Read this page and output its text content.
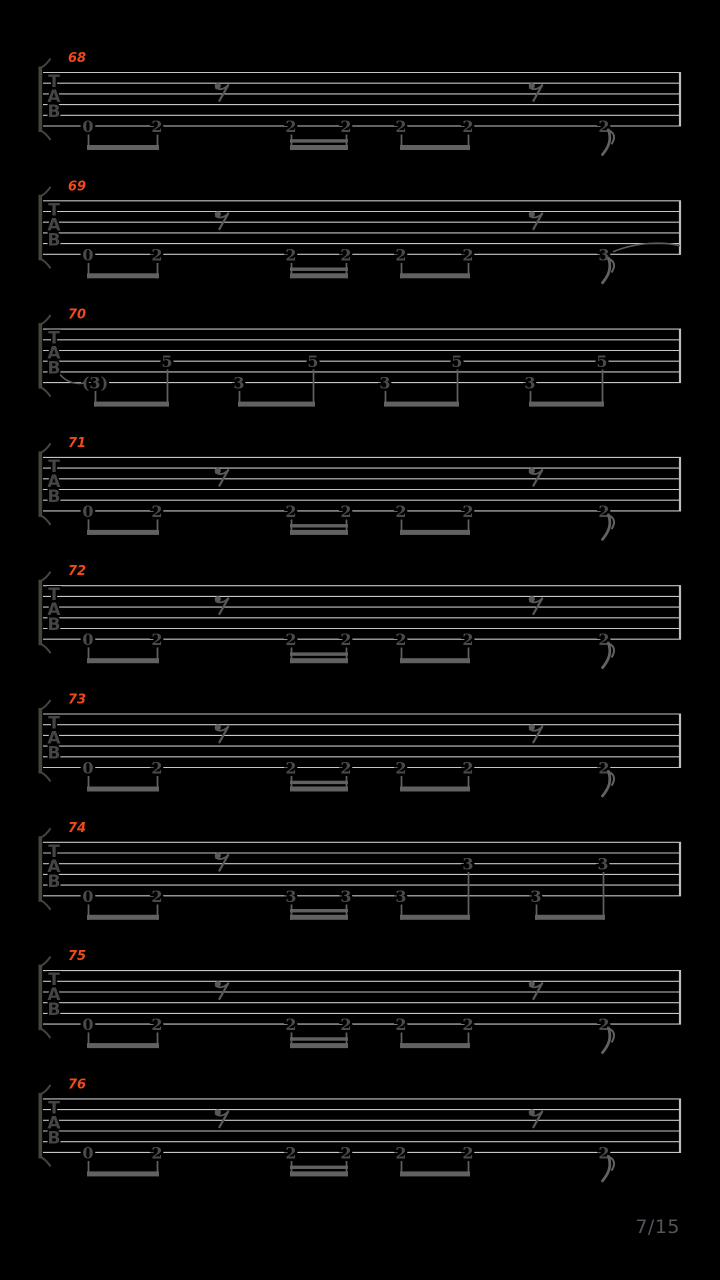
T
A
B
68
0	2	2	2	2	2	2
T
A
B
69
0	2	2	2	2	2	3
T
A
B
70
(3)
5
3
5
3
5
3
5
T
A
B
71
0	2	2	2	2	2	2
T
A
B
72
0	2	2	2	2	2	2
T
A
B
73
0	2	2	2	2	2	2
T
A
B
74
0	2	3	3	3
3
3
3
T
A
B
75
0	2	2	2	2	2	2
T
A
B
76
0	2	2	2	2	2	2
7/15
